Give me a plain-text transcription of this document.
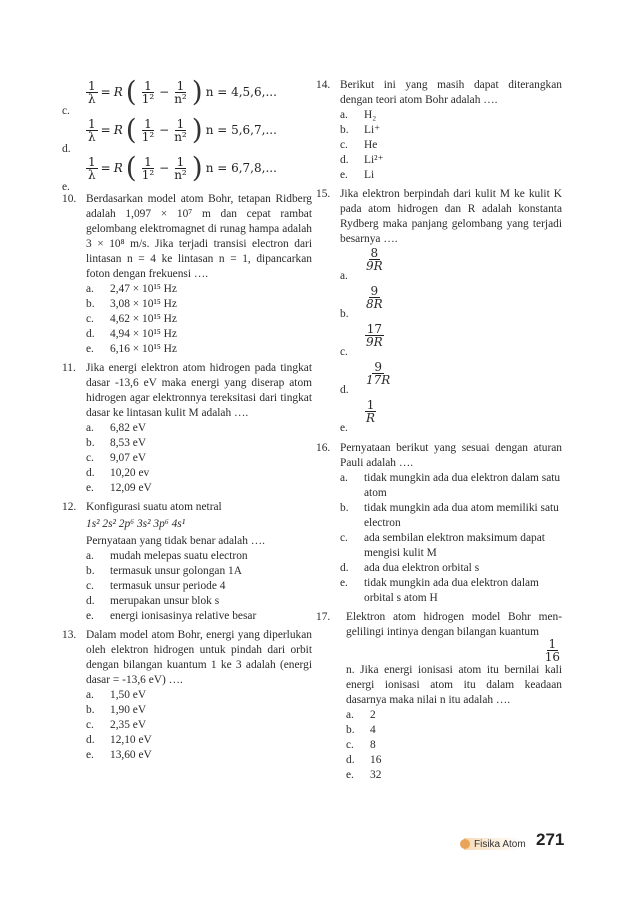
c.
$\frac{1}{\lambda} = R$ ( $\frac{1}{\text{1²}} - \frac{1}{\text{n²}}$ ) n = 4,5,6,...
d.
$\frac{1}{\lambda} = R$ ( $\frac{1}{\text{1²}} - \frac{1}{\text{n²}}$ ) n = 5,6,7,...
e.
$\frac{1}{\lambda} = R$ ( $\frac{1}{\text{1²}} - \frac{1}{\text{n²}}$ ) n = 6,7,8,...
10. Berdasarkan model atom Bohr, tetapan Ridberg adalah 1,097 × 10⁷ m dan cepat rambat gelombang elektromagnet di runag hampa adalah 3 × 10⁸ m/s. Jika terjadi transisi electron dari lintasan n = 4 ke lintasan n = 1, dipancarkan foton dengan frekuensi ….
a.	2,47 × 10¹⁵ Hz
b.	3,08 × 10¹⁵ Hz
c.	4,62 × 10¹⁵ Hz
d.	4,94 × 10¹⁵ Hz
e.	6,16 × 10¹⁵ Hz
11. Jika energi elektron atom hidrogen pada tingkat dasar -13,6 eV maka energi yang diserap atom hidrogen agar elektronnya tereksitasi dari tingkat dasar ke lintasan kulit M adalah ….
a.	6,82 eV
b.	8,53 eV
c.	9,07 eV
d.	10,20 ev
e.	12,09 eV
12. Konfigurasi suatu atom netral
1s² 2s² 2p⁶ 3s² 3p⁶ 4s¹
Pernyataan yang tidak benar adalah ….
a.	mudah melepas suatu electron
b.	termasuk unsur golongan 1A
c.	termasuk unsur periode 4
d.	merupakan unsur blok s
e.	energi ionisasinya relative besar
13. Dalam model atom Bohr, energi yang diperlukan oleh elektron hidrogen untuk pindah dari orbit dengan bilangan kuantum 1 ke 3 adalah (energi dasar = -13,6 eV) ….
a.	1,50 eV
b.	1,90 eV
c.	2,35 eV
d.	12,10 eV
e.	13,60 eV
14. Berikut ini yang masih dapat diterangkan dengan teori atom Bohr adalah ….
a.	H₂
b.	Li⁺
c.	He
d.	Li²⁺
e.	Li
15. Jika elektron berpindah dari kulit M ke kulit K pada atom hidrogen dan R adalah konstanta Rydberg maka panjang gelombang yang terjadi besarnya ….
a.
$\frac{8}{9R}$
b.
$\frac{9}{8R}$
c.
$\frac{17}{9R}$
d.
$\frac{9}{17R}$
e.
$\frac{1}{R}$
16. Pernyataan berikut yang sesuai dengan aturan Pauli adalah ….
a.	tidak mungkin ada dua elektron dalam satu atom
b.	tidak mungkin ada dua atom memiliki satu electron
c.	ada sembilan elektron maksimum dapat mengisi kulit M
d.	ada dua elektron orbital s
e.	tidak mungkin ada dua elektron dalam orbital s atom H
17.	Elektron atom hidrogen model Bohr mengelilingi intinya dengan bilangan kuantum
$\frac{1}{16}$
n. Jika energi ionisasi atom itu bernilai kali energi ionisasi atom itu dalam keadaan dasarnya maka nilai n itu adalah ….
a.	2
b.	4
c.	8
d.	16
e.	32
Fisika Atom 271
